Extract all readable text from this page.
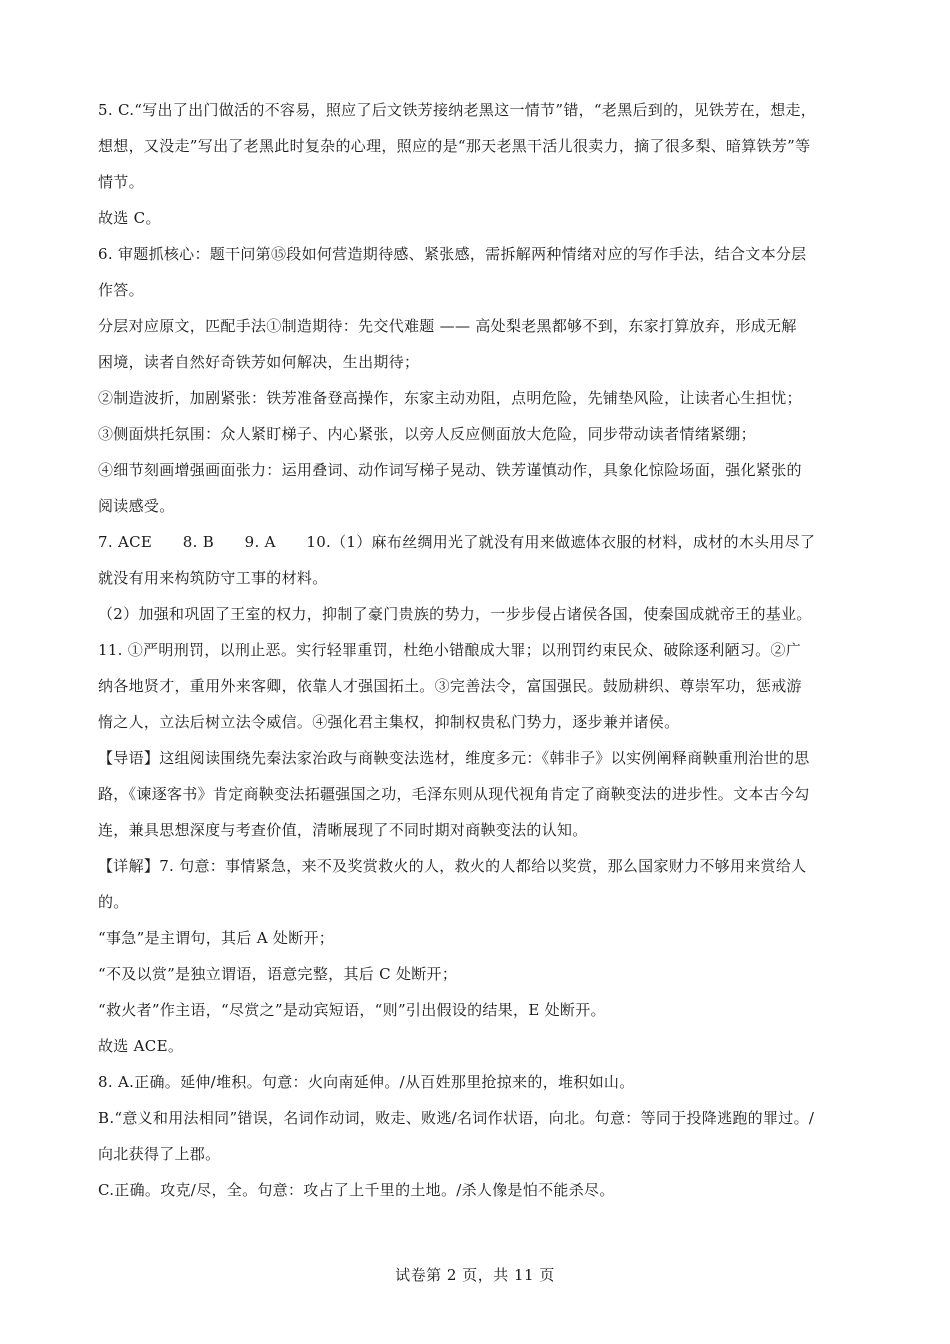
5. C.“写出了出门做活的不容易，照应了后文铁芳接纳老黑这一情节”错，“老黑后到的，见铁芳在，想走，
想想，又没走”写出了老黑此时复杂的心理，照应的是“那天老黑干活儿很卖力，摘了很多梨、暗算铁芳”等
情节。
故选 C。
6. 审题抓核心：题干问第⑮段如何营造期待感、紧张感，需拆解两种情绪对应的写作手法，结合文本分层
作答。
分层对应原文，匹配手法①制造期待：先交代难题 —— 高处梨老黑都够不到，东家打算放弃，形成无解
困境，读者自然好奇铁芳如何解决，生出期待；
②制造波折，加剧紧张：铁芳准备登高操作，东家主动劝阻，点明危险，先铺垫风险，让读者心生担忧；
③侧面烘托氛围：众人紧盯梯子、内心紧张，以旁人反应侧面放大危险，同步带动读者情绪紧绷；
④细节刻画增强画面张力：运用叠词、动作词写梯子晃动、铁芳谨慎动作，具象化惊险场面，强化紧张的
阅读感受。
7. ACE　　8. B　　9. A　　10.（1）麻布丝绸用光了就没有用来做遮体衣服的材料，成材的木头用尽了
就没有用来构筑防守工事的材料。
（2）加强和巩固了王室的权力，抑制了豪门贵族的势力，一步步侵占诸侯各国，使秦国成就帝王的基业。
11. ①严明刑罚，以刑止恶。实行轻罪重罚，杜绝小错酿成大罪；以刑罚约束民众、破除逐利陋习。②广
纳各地贤才，重用外来客卿，依靠人才强国拓土。③完善法令，富国强民。鼓励耕织、尊崇军功，惩戒游
惰之人，立法后树立法令威信。④强化君主集权，抑制权贵私门势力，逐步兼并诸侯。
【导语】这组阅读围绕先秦法家治政与商鞅变法选材，维度多元：《韩非子》以实例阐释商鞅重刑治世的思
路，《谏逐客书》肯定商鞅变法拓疆强国之功，毛泽东则从现代视角肯定了商鞅变法的进步性。文本古今勾
连，兼具思想深度与考查价值，清晰展现了不同时期对商鞅变法的认知。
【详解】7. 句意：事情紧急，来不及奖赏救火的人，救火的人都给以奖赏，那么国家财力不够用来赏给人
的。
“事急”是主谓句，其后 A 处断开；
“不及以赏”是独立谓语，语意完整，其后 C 处断开；
“救火者”作主语，“尽赏之”是动宾短语，“则”引出假设的结果，E 处断开。
故选 ACE。
8. A.正确。延伸/堆积。句意：火向南延伸。/从百姓那里抢掠来的，堆积如山。
B.“意义和用法相同”错误，名词作动词，败走、败逃/名词作状语，向北。句意：等同于投降逃跑的罪过。/
向北获得了上郡。
C.正确。攻克/尽，全。句意：攻占了上千里的土地。/杀人像是怕不能杀尽。
试卷第 2 页，共 11 页
